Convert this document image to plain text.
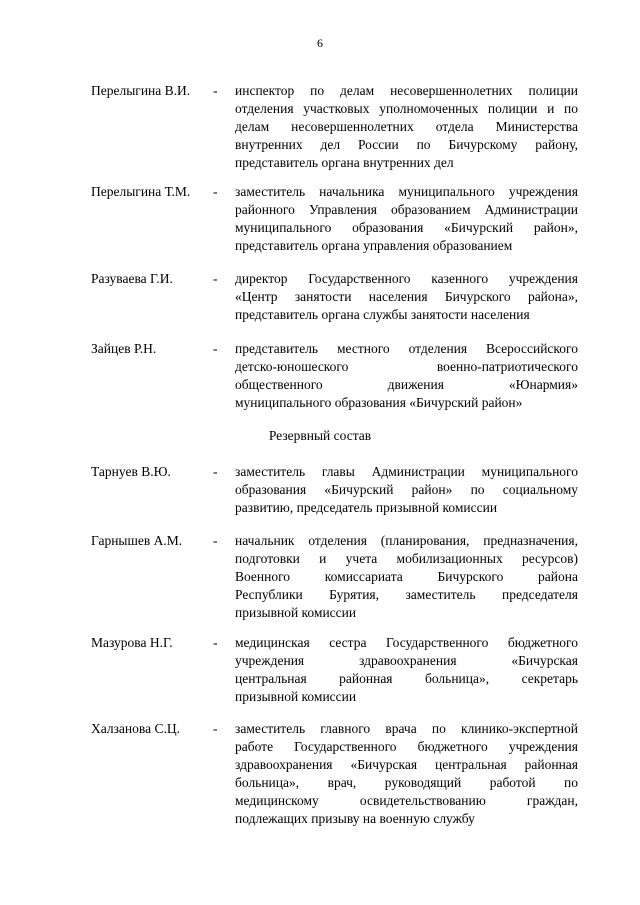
6
Перелыгина В.И. - инспектор по делам несовершеннолетних полиции
отделения участковых уполномоченных полиции и по
делам несовершеннолетних отдела Министерства
внутренних дел России по Бичурскому району,
представитель органа внутренних дел
Перелыгина Т.М. - заместитель начальника муниципального учреждения
районного Управления образованием Администрации
муниципального образования «Бичурский район»,
представитель органа управления образованием
Разуваева Г.И.	- директор Государственного казенного учреждения
«Центр занятости населения Бичурского района»,
представитель органа службы занятости населения
Зайцев Р.Н.	- представитель местного отделения Всероссийского
детско-юношеского военно-патриотического
общественного движения «Юнармия»
муниципального образования «Бичурский район»
Резервный состав
Тарнуев В.Ю.	- заместитель главы Администрации муниципального
образования «Бичурский район» по социальному
развитию, председатель призывной комиссии
Гарнышев А.М. - начальник отделения (планирования, предназначения,
подготовки и учета мобилизационных ресурсов)
Военного комиссариата Бичурского района
Республики Бурятия, заместитель председателя
призывной комиссии
Мазурова Н.Г.	- медицинская сестра Государственного бюджетного
учреждения здравоохранения «Бичурская
центральная районная больница», секретарь
призывной комиссии
Халзанова С.Ц. - заместитель главного врача по клинико-экспертной
работе Государственного бюджетного учреждения
здравоохранения «Бичурская центральная районная
больница», врач, руководящий работой по
медицинскому освидетельствованию граждан,
подлежащих призыву на военную службу
